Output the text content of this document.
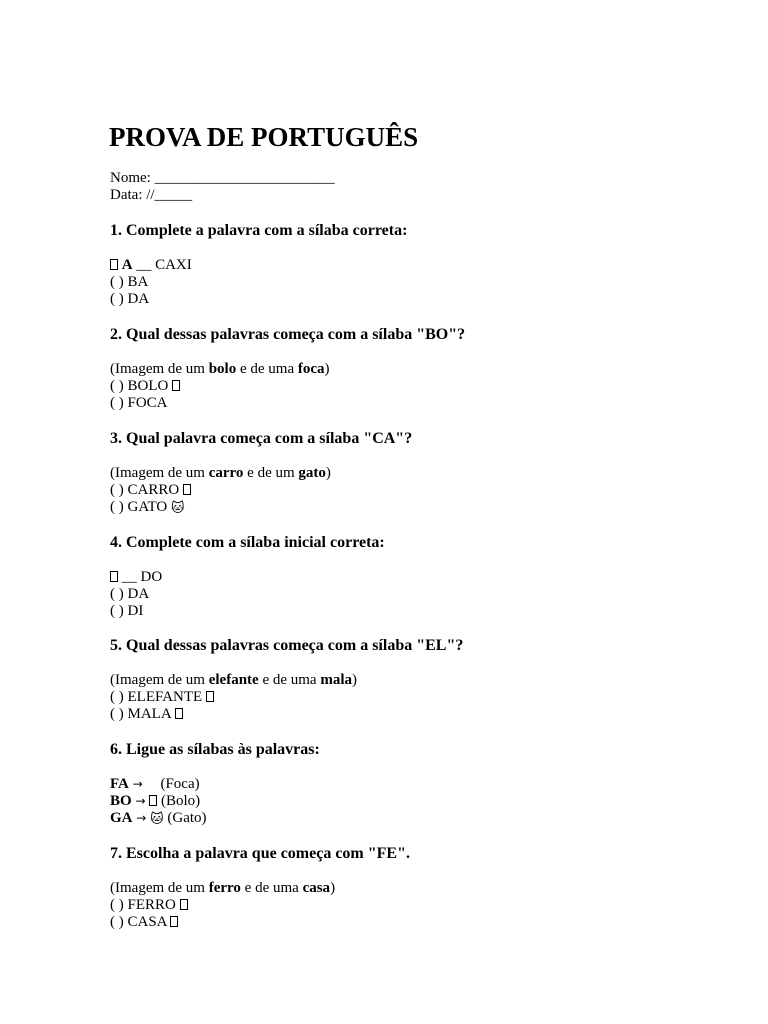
PROVA DE PORTUGUÊS
Nome: ________________________
Data: //_____

1. Complete a palavra com a sílaba correta:

A __ CAXI
( ) BA
( ) DA

2. Qual dessas palavras começa com a sílaba "BO"?

(Imagem de um bolo e de uma foca)
( ) BOLO
( ) FOCA

3. Qual palavra começa com a sílaba "CA"?

(Imagem de um carro e de um gato)
( ) CARRO
( ) GATO 🐱

4. Complete com a sílaba inicial correta:

__ DO
( ) DA
( ) DI

5. Qual dessas palavras começa com a sílaba "EL"?

(Imagem de um elefante e de uma mala)
( ) ELEFANTE
( ) MALA

6. Ligue as sílabas às palavras:

FA → (Foca)
BO → (Bolo)
GA → 🐱 (Gato)

7. Escolha a palavra que começa com "FE".

(Imagem de um ferro e de uma casa)
( ) FERRO
( ) CASA
